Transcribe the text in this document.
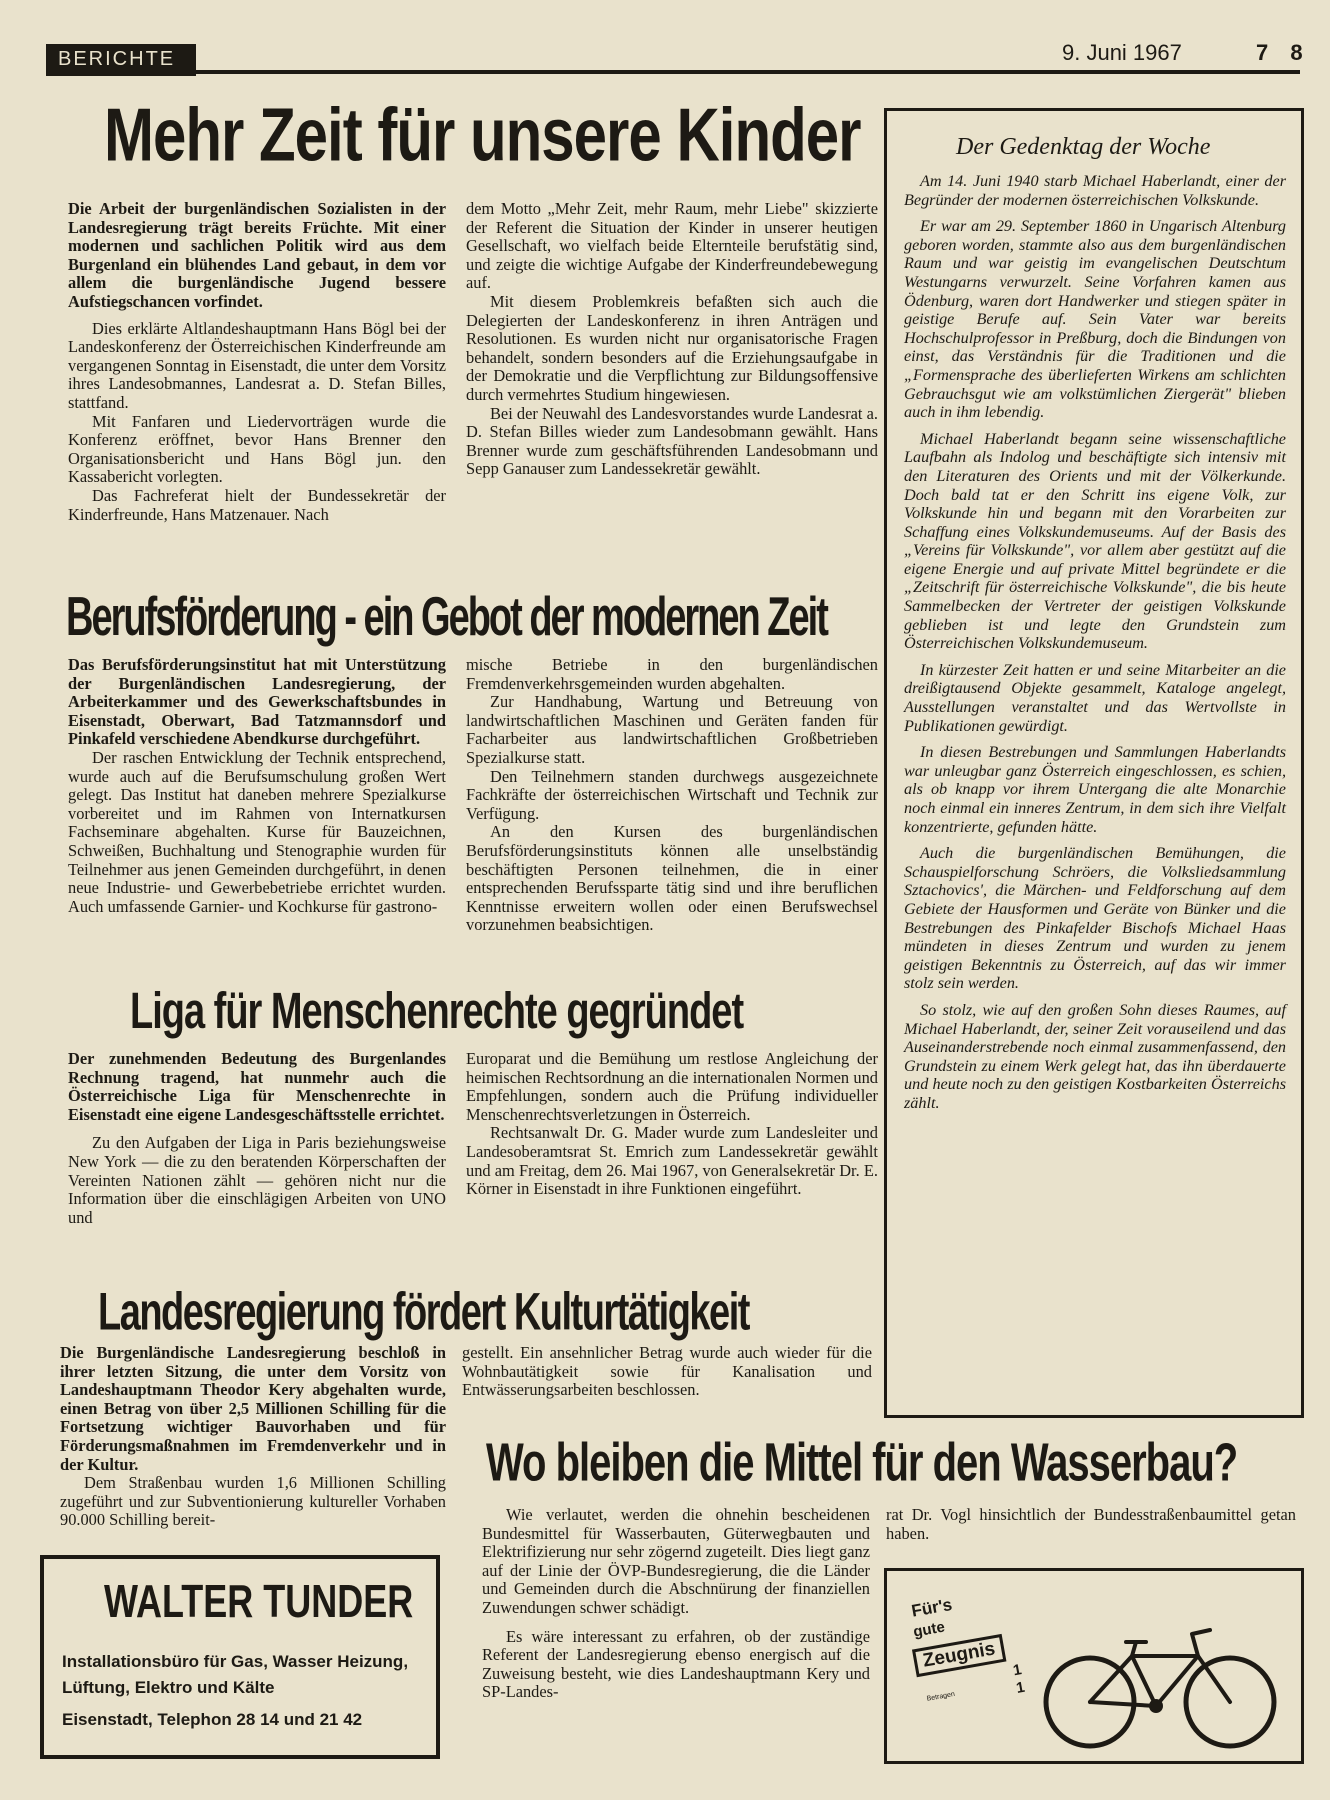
BERICHTE	9. Juni 1967	7 8
Mehr Zeit für unsere Kinder

Die Arbeit der burgenländischen Sozialisten in der Landesregierung trägt bereits Früchte. Mit einer modernen und sachlichen Politik wird aus dem Burgenland ein blühendes Land gebaut, in dem vor allem die burgenländische Jugend bessere Aufstiegschancen vorfindet.

Dies erklärte Altlandeshauptmann Hans Bögl bei der Landeskonferenz der Österreichischen Kinderfreunde am vergangenen Sonntag in Eisenstadt, die unter dem Vorsitz ihres Landesobmannes, Landesrat a. D. Stefan Billes, stattfand.

Mit Fanfaren und Liedervorträgen wurde die Konferenz eröffnet, bevor Hans Brenner den Organisationsbericht und Hans Bögl jun. den Kassabericht vorlegten.

Das Fachreferat hielt der Bundessekretär der Kinderfreunde, Hans Matzenauer. Nach

dem Motto „Mehr Zeit, mehr Raum, mehr Liebe" skizzierte der Referent die Situation der Kinder in unserer heutigen Gesellschaft, wo vielfach beide Elternteile berufstätig sind, und zeigte die wichtige Aufgabe der Kinderfreundebewegung auf.

Mit diesem Problemkreis befaßten sich auch die Delegierten der Landeskonferenz in ihren Anträgen und Resolutionen. Es wurden nicht nur organisatorische Fragen behandelt, sondern besonders auf die Erziehungsaufgabe in der Demokratie und die Verpflichtung zur Bildungsoffensive durch vermehrtes Studium hingewiesen.

Bei der Neuwahl des Landesvorstandes wurde Landesrat a. D. Stefan Billes wieder zum Landesobmann gewählt. Hans Brenner wurde zum geschäftsführenden Landesobmann und Sepp Ganauser zum Landessekretär gewählt.

Berufsförderung - ein Gebot der modernen Zeit

Das Berufsförderungsinstitut hat mit Unterstützung der Burgenländischen Landesregierung, der Arbeiterkammer und des Gewerkschaftsbundes in Eisenstadt, Oberwart, Bad Tatzmannsdorf und Pinkafeld verschiedene Abendkurse durchgeführt.

Der raschen Entwicklung der Technik entsprechend, wurde auch auf die Berufsumschulung großen Wert gelegt. Das Institut hat daneben mehrere Spezialkurse vorbereitet und im Rahmen von Internatkursen Fachseminare abgehalten. Kurse für Bauzeichnen, Schweißen, Buchhaltung und Stenographie wurden für Teilnehmer aus jenen Gemeinden durchgeführt, in denen neue Industrie- und Gewerbebetriebe errichtet wurden. Auch umfassende Garnier- und Kochkurse für gastrono-

mische Betriebe in den burgenländischen Fremdenverkehrsgemeinden wurden abgehalten.

Zur Handhabung, Wartung und Betreuung von landwirtschaftlichen Maschinen und Geräten fanden für Facharbeiter aus landwirtschaftlichen Großbetrieben Spezialkurse statt.

Den Teilnehmern standen durchwegs ausgezeichnete Fachkräfte der österreichischen Wirtschaft und Technik zur Verfügung.

An den Kursen des burgenländischen Berufsförderungsinstituts können alle unselbständig beschäftigten Personen teilnehmen, die in einer entsprechenden Berufssparte tätig sind und ihre beruflichen Kenntnisse erweitern wollen oder einen Berufswechsel vorzunehmen beabsichtigen.

Liga für Menschenrechte gegründet

Der zunehmenden Bedeutung des Burgenlandes Rechnung tragend, hat nunmehr auch die Österreichische Liga für Menschenrechte in Eisenstadt eine eigene Landesgeschäftsstelle errichtet.

Zu den Aufgaben der Liga in Paris beziehungsweise New York — die zu den beratenden Körperschaften der Vereinten Nationen zählt — gehören nicht nur die Information über die einschlägigen Arbeiten von UNO und

Europarat und die Bemühung um restlose Angleichung der heimischen Rechtsordnung an die internationalen Normen und Empfehlungen, sondern auch die Prüfung individueller Menschenrechtsverletzungen in Österreich.

Rechtsanwalt Dr. G. Mader wurde zum Landesleiter und Landesoberamtsrat St. Emrich zum Landessekretär gewählt und am Freitag, dem 26. Mai 1967, von Generalsekretär Dr. E. Körner in Eisenstadt in ihre Funktionen eingeführt.

Landesregierung fördert Kulturtätigkeit

Die Burgenländische Landesregierung beschloß in ihrer letzten Sitzung, die unter dem Vorsitz von Landeshauptmann Theodor Kery abgehalten wurde, einen Betrag von über 2,5 Millionen Schilling für die Fortsetzung wichtiger Bauvorhaben und für Förderungsmaßnahmen im Fremdenverkehr und in der Kultur.

Dem Straßenbau wurden 1,6 Millionen Schilling zugeführt und zur Subventionierung kultureller Vorhaben 90.000 Schilling bereit-

gestellt. Ein ansehnlicher Betrag wurde auch wieder für die Wohnbautätigkeit sowie für Kanalisation und Entwässerungsarbeiten beschlossen.

WALTER TUNDER
Installationsbüro für Gas, Wasser Heizung,
Lüftung, Elektro und Kälte
Eisenstadt, Telephon 28 14 und 21 42
Wo bleiben die Mittel für den Wasserbau?

Wie verlautet, werden die ohnehin bescheidenen Bundesmittel für Wasserbauten, Güterwegbauten und Elektrifizierung nur sehr zögernd zugeteilt. Dies liegt ganz auf der Linie der ÖVP-Bundesregierung, die die Länder und Gemeinden durch die Abschnürung der finanziellen Zuwendungen schwer schädigt.

Es wäre interessant zu erfahren, ob der zuständige Referent der Landesregierung ebenso energisch auf die Zuweisung besteht, wie dies Landeshauptmann Kery und SP-Landes-

rat Dr. Vogl hinsichtlich der Bundesstraßenbaumittel getan haben.

Der Gedenktag der Woche

Am 14. Juni 1940 starb Michael Haberlandt, einer der Begründer der modernen österreichischen Volkskunde.

Er war am 29. September 1860 in Ungarisch Altenburg geboren worden, stammte also aus dem burgenländischen Raum und war geistig im evangelischen Deutschtum Westungarns verwurzelt. Seine Vorfahren kamen aus Ödenburg, waren dort Handwerker und stiegen später in geistige Berufe auf. Sein Vater war bereits Hochschulprofessor in Preßburg, doch die Bindungen von einst, das Verständnis für die Traditionen und die „Formensprache des überlieferten Wirkens am schlichten Gebrauchsgut wie am volkstümlichen Ziergerät" blieben auch in ihm lebendig.

Michael Haberlandt begann seine wissenschaftliche Laufbahn als Indolog und beschäftigte sich intensiv mit den Literaturen des Orients und mit der Völkerkunde. Doch bald tat er den Schritt ins eigene Volk, zur Volkskunde hin und begann mit den Vorarbeiten zur Schaffung eines Volkskundemuseums. Auf der Basis des „Vereins für Volkskunde", vor allem aber gestützt auf die eigene Energie und auf private Mittel begründete er die „Zeitschrift für österreichische Volkskunde", die bis heute Sammelbecken der Vertreter der geistigen Volkskunde geblieben ist und legte den Grundstein zum Österreichischen Volkskundemuseum.

In kürzester Zeit hatten er und seine Mitarbeiter an die dreißigtausend Objekte gesammelt, Kataloge angelegt, Ausstellungen veranstaltet und das Wertvollste in Publikationen gewürdigt.

In diesen Bestrebungen und Sammlungen Haberlandts war unleugbar ganz Österreich eingeschlossen, es schien, als ob knapp vor ihrem Untergang die alte Monarchie noch einmal ein inneres Zentrum, in dem sich ihre Vielfalt konzentrierte, gefunden hätte.

Auch die burgenländischen Bemühungen, die Schauspielforschung Schröers, die Volksliedsammlung Sztachovics', die Märchen- und Feldforschung auf dem Gebiete der Hausformen und Geräte von Bünker und die Bestrebungen des Pinkafelder Bischofs Michael Haas mündeten in dieses Zentrum und wurden zu jenem geistigen Bekenntnis zu Österreich, auf das wir immer stolz sein werden.

So stolz, wie auf den großen Sohn dieses Raumes, auf Michael Haberlandt, der, seiner Zeit vorauseilend und das Auseinanderstrebende noch einmal zusammenfassend, den Grundstein zu einem Werk gelegt hat, das ihn überdauerte und heute noch zu den geistigen Kostbarkeiten Österreichs zählt.

Für's
gute
Zeugnis 1
Betragen	1
